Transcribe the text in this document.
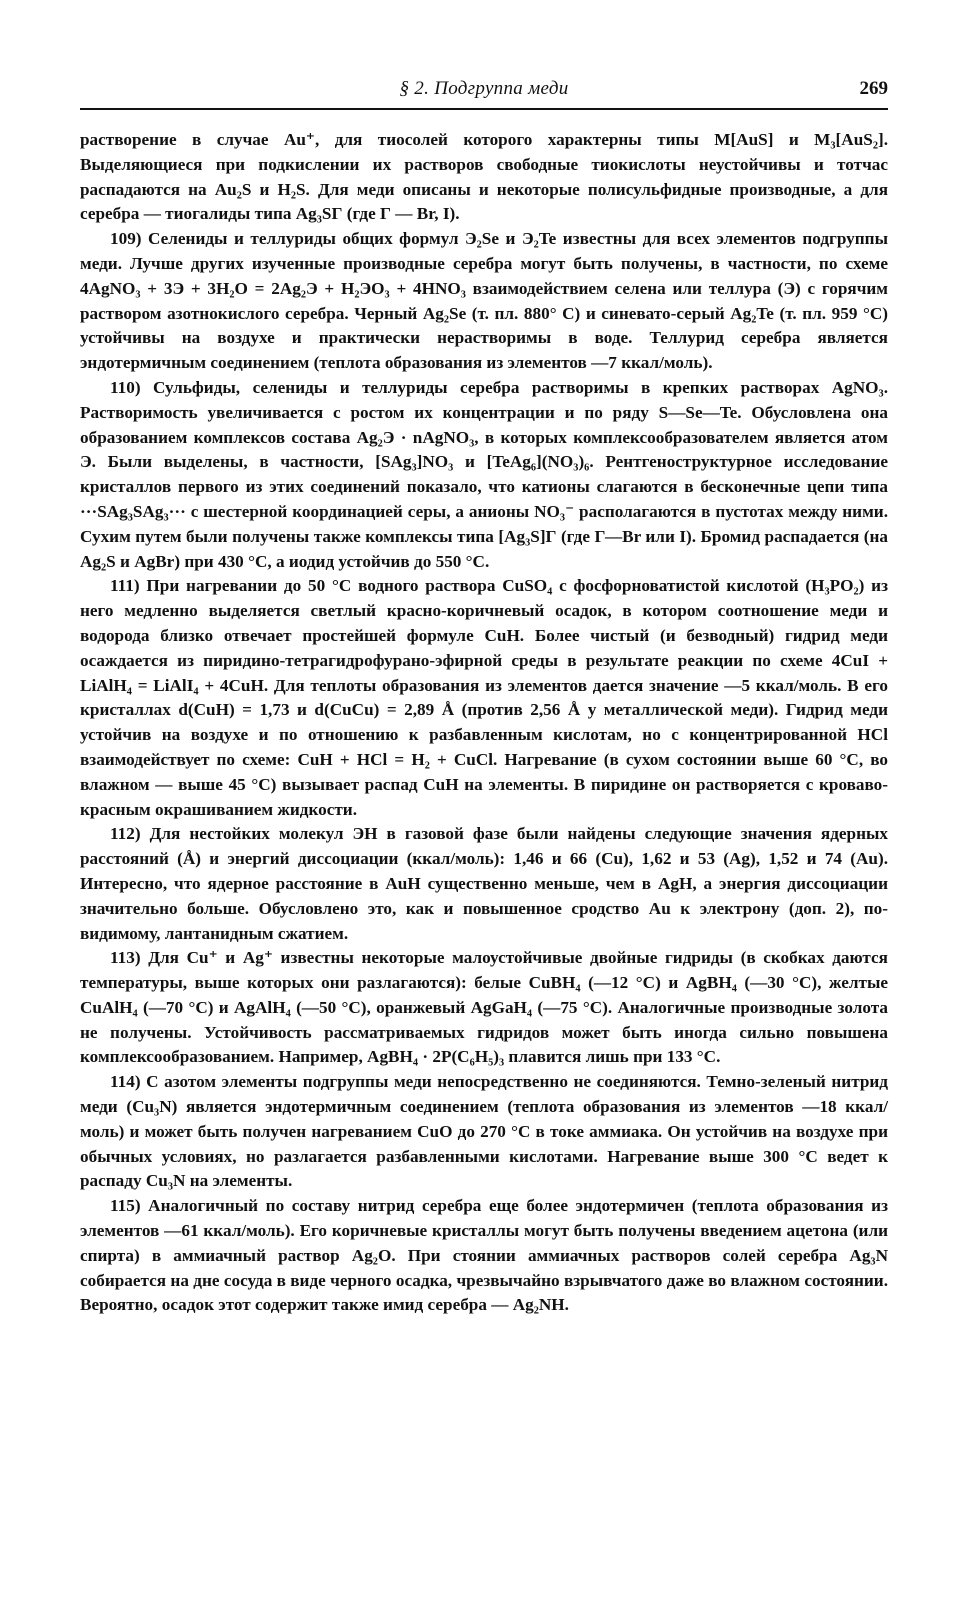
§ 2. Подгруппа меди	269

растворение в случае Au⁺, для тиосолей которого характерны типы M[AuS] и M₃[AuS₂]. Выделяющиеся при подкислении их растворов свободные тиокислоты неустойчивы и тотчас распадаются на Au₂S и H₂S. Для меди описаны и некоторые полисульфидные производные, а для серебра — тиогалиды типа Ag₃SГ (где Г — Br, I).

109) Селениды и теллуриды общих формул Э₂Se и Э₂Te известны для всех элементов подгруппы меди. Лучше других изученные производные серебра могут быть получены, в частности, по схеме 4AgNO₃ + 3Э + 3H₂O = 2Ag₂Э + H₂ЭO₃ + 4HNO₃ взаимодействием селена или теллура (Э) с горячим раствором азотнокислого серебра. Черный Ag₂Se (т. пл. 880° С) и синевато-серый Ag₂Te (т. пл. 959 °С) устойчивы на воздухе и практически нерастворимы в воде. Теллурид серебра является эндотермичным соединением (теплота образования из элементов —7 ккал/моль).

110) Сульфиды, селениды и теллуриды серебра растворимы в крепких растворах AgNO₃. Растворимость увеличивается с ростом их концентрации и по ряду S—Se—Te. Обусловлена она образованием комплексов состава Ag₂Э · nAgNO₃, в которых комплексообразователем является атом Э. Были выделены, в частности, [SAg₃]NO₃ и [TeAg₆](NO₃)₆. Рентгеноструктурное исследование кристаллов первого из этих соединений показало, что катионы слагаются в бесконечные цепи типа ···SAg₃SAg₃··· с шестерной координацией серы, а анионы NO₃⁻ располагаются в пустотах между ними. Сухим путем были получены также комплексы типа [Ag₃S]Г (где Г—Br или I). Бромид распадается (на Ag₂S и AgBr) при 430 °С, а иодид устойчив до 550 °С.

111) При нагревании до 50 °С водного раствора CuSO₄ с фосфорноватистой кислотой (H₃PO₂) из него медленно выделяется светлый красно-коричневый осадок, в котором соотношение меди и водорода близко отвечает простейшей формуле CuH. Более чистый (и безводный) гидрид меди осаждается из пиридино-тетрагидрофурано-эфирной среды в результате реакции по схеме 4CuI + LiAlH₄ = LiAlI₄ + 4CuH. Для теплоты образования из элементов дается значение —5 ккал/моль. В его кристаллах d(CuH) = 1,73 и d(CuCu) = 2,89 Å (против 2,56 Å у металлической меди). Гидрид меди устойчив на воздухе и по отношению к разбавленным кислотам, но с концентрированной HCl взаимодействует по схеме: CuH + HCl = H₂ + CuCl. Нагревание (в сухом состоянии выше 60 °С, во влажном — выше 45 °С) вызывает распад CuH на элементы. В пиридине он растворяется с кроваво-красным окрашиванием жидкости.

112) Для нестойких молекул ЭH в газовой фазе были найдены следующие значения ядерных расстояний (Å) и энергий диссоциации (ккал/моль): 1,46 и 66 (Cu), 1,62 и 53 (Ag), 1,52 и 74 (Au). Интересно, что ядерное расстояние в AuH существенно меньше, чем в AgH, а энергия диссоциации значительно больше. Обусловлено это, как и повышенное сродство Au к электрону (доп. 2), по-видимому, лантанидным сжатием.

113) Для Cu⁺ и Ag⁺ известны некоторые малоустойчивые двойные гидриды (в скобках даются температуры, выше которых они разлагаются): белые CuBH₄ (—12 °С) и AgBH₄ (—30 °С), желтые CuAlH₄ (—70 °С) и AgAlH₄ (—50 °С), оранжевый AgGaH₄ (—75 °С). Аналогичные производные золота не получены. Устойчивость рассматриваемых гидридов может быть иногда сильно повышена комплексообразованием. Например, AgBH₄ · 2P(C₆H₅)₃ плавится лишь при 133 °С.

114) С азотом элементы подгруппы меди непосредственно не соединяются. Темно-зеленый нитрид меди (Cu₃N) является эндотермичным соединением (теплота образования из элементов —18 ккал/моль) и может быть получен нагреванием CuO до 270 °С в токе аммиака. Он устойчив на воздухе при обычных условиях, но разлагается разбавленными кислотами. Нагревание выше 300 °С ведет к распаду Cu₃N на элементы.

115) Аналогичный по составу нитрид серебра еще более эндотермичен (теплота образования из элементов —61 ккал/моль). Его коричневые кристаллы могут быть получены введением ацетона (или спирта) в аммиачный раствор Ag₂O. При стоянии аммиачных растворов солей серебра Ag₃N собирается на дне сосуда в виде черного осадка, чрезвычайно взрывчатого даже во влажном состоянии. Вероятно, осадок этот содержит также имид серебра — Ag₂NH.
